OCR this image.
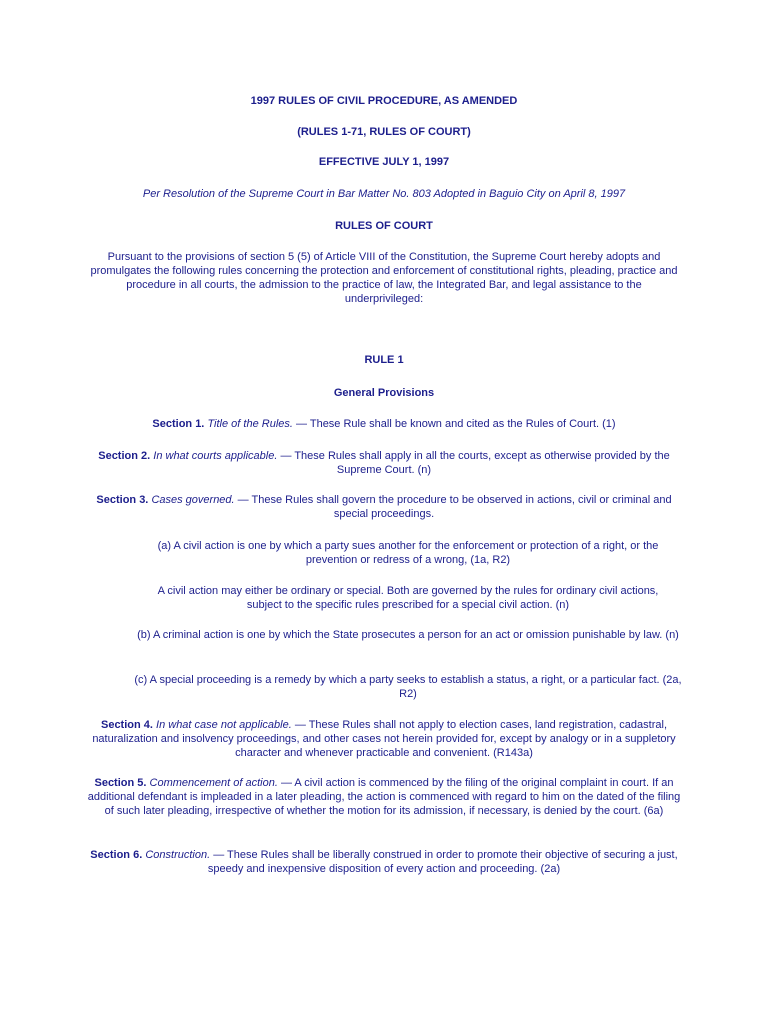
1997 RULES OF CIVIL PROCEDURE, AS AMENDED
(RULES 1-71, RULES OF COURT)
EFFECTIVE JULY 1, 1997
Per Resolution of the Supreme Court in Bar Matter No. 803 Adopted in Baguio City on April 8, 1997
RULES OF COURT
Pursuant to the provisions of section 5 (5) of Article VIII of the Constitution, the Supreme Court hereby adopts and promulgates the following rules concerning the protection and enforcement of constitutional rights, pleading, practice and procedure in all courts, the admission to the practice of law, the Integrated Bar, and legal assistance to the underprivileged:
RULE 1
General Provisions
Section 1. Title of the Rules. — These Rule shall be known and cited as the Rules of Court. (1)
Section 2. In what courts applicable. — These Rules shall apply in all the courts, except as otherwise provided by the Supreme Court. (n)
Section 3. Cases governed. — These Rules shall govern the procedure to be observed in actions, civil or criminal and special proceedings.
(a) A civil action is one by which a party sues another for the enforcement or protection of a right, or the prevention or redress of a wrong, (1a, R2)
A civil action may either be ordinary or special. Both are governed by the rules for ordinary civil actions, subject to the specific rules prescribed for a special civil action. (n)
(b) A criminal action is one by which the State prosecutes a person for an act or omission punishable by law. (n)
(c) A special proceeding is a remedy by which a party seeks to establish a status, a right, or a particular fact. (2a, R2)
Section 4. In what case not applicable. — These Rules shall not apply to election cases, land registration, cadastral, naturalization and insolvency proceedings, and other cases not herein provided for, except by analogy or in a suppletory character and whenever practicable and convenient. (R143a)
Section 5. Commencement of action. — A civil action is commenced by the filing of the original complaint in court. If an additional defendant is impleaded in a later pleading, the action is commenced with regard to him on the dated of the filing of such later pleading, irrespective of whether the motion for its admission, if necessary, is denied by the court. (6a)
Section 6. Construction. — These Rules shall be liberally construed in order to promote their objective of securing a just, speedy and inexpensive disposition of every action and proceeding. (2a)
